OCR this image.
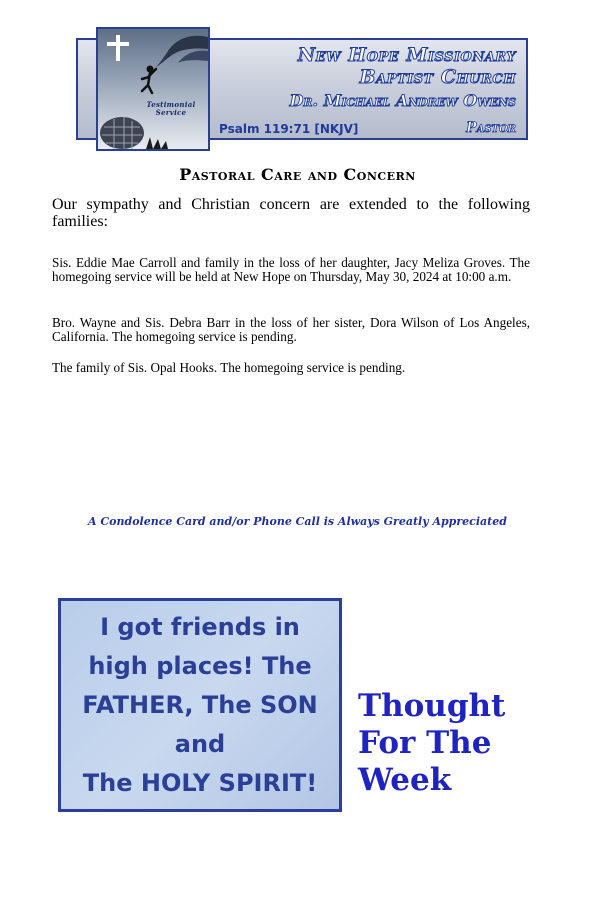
New Hope Missionary
Baptist Church
Dr. Michael Andrew Owens
Psalm 119:71 [NKJV]	Pastor
Testimonial Service
Pastoral Care and Concern
Our sympathy and Christian concern are extended to the following families:
Sis. Eddie Mae Carroll and family in the loss of her daughter, Jacy Meliza Groves. The homegoing service will be held at New Hope on Thursday, May 30, 2024 at 10:00 a.m.
Bro. Wayne and Sis. Debra Barr in the loss of her sister, Dora Wilson of Los Angeles, California. The homegoing service is pending.
The family of Sis. Opal Hooks. The homegoing service is pending.
A Condolence Card and/or Phone Call is Always Greatly Appreciated
I got friends in
high places! The
FATHER, The SON
and
The HOLY SPIRIT!
Thought
For The
Week
